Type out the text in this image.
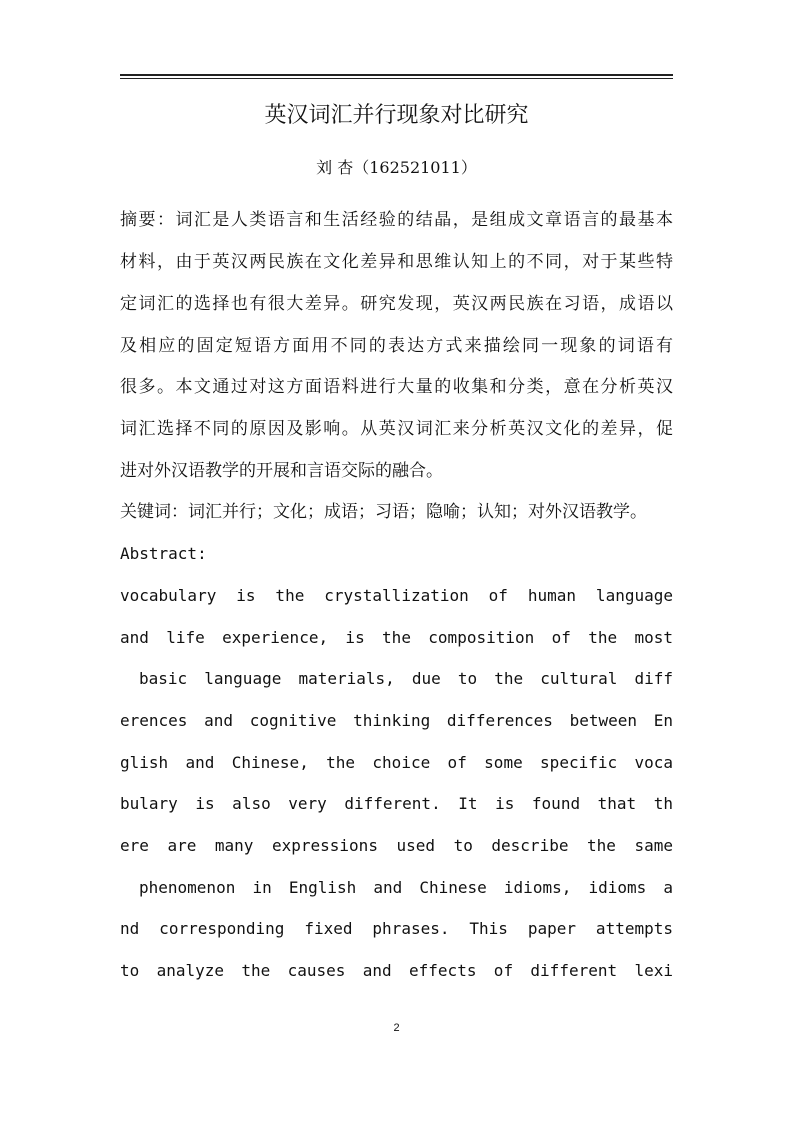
英汉词汇并行现象对比研究
刘 杏（162521011）
摘要：词汇是人类语言和生活经验的结晶，是组成文章语言的最基本
材料，由于英汉两民族在文化差异和思维认知上的不同，对于某些特
定词汇的选择也有很大差异。研究发现，英汉两民族在习语，成语以
及相应的固定短语方面用不同的表达方式来描绘同一现象的词语有
很多。本文通过对这方面语料进行大量的收集和分类，意在分析英汉
词汇选择不同的原因及影响。从英汉词汇来分析英汉文化的差异，促
进对外汉语教学的开展和言语交际的融合。
关键词：词汇并行；文化；成语；习语；隐喻；认知；对外汉语教学。
Abstract:
vocabulary is the crystallization of human language
and life experience, is the composition of the most
basic language materials, due to the cultural diff
erences and cognitive thinking differences between En
glish and Chinese, the choice of some specific voca
bulary is also very different. It is found that th
ere are many expressions used to describe the same
phenomenon in English and Chinese idioms, idioms a
nd corresponding fixed phrases. This paper attempts
to analyze the causes and effects of different lexi
2
